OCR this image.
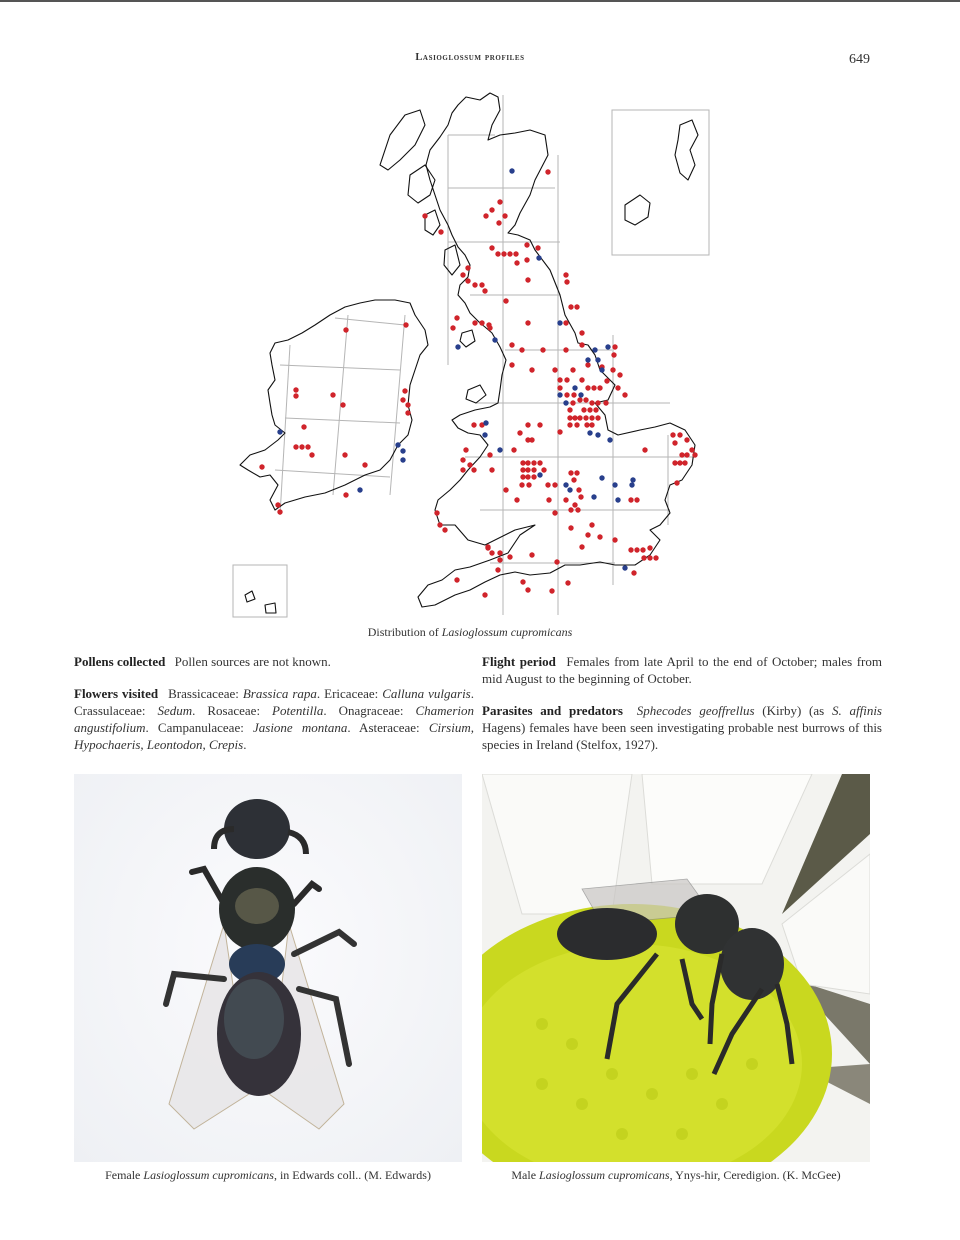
Lasioglossum profiles	649
Distribution of Lasioglossum cupromicans

Pollens collected Pollen sources are not known.

Flowers visited Brassicaceae: Brassica rapa. Ericaceae: Calluna vulgaris. Crassulaceae: Sedum. Rosaceae: Potentilla. Onagraceae: Chamerion angustifolium. Campanulaceae: Jasione montana. Asteraceae: Cirsium, Hypochaeris, Leontodon, Crepis.

Flight period Females from late April to the end of October; males from mid August to the beginning of October.

Parasites and predators Sphecodes geoffrellus (Kirby) (as S. affinis Hagens) females have been seen investigating probable nest burrows of this species in Ireland (Stelfox, 1927).

Female Lasioglossum cupromicans, in Edwards coll.. (M. Edwards)	Male Lasioglossum cupromicans, Ynys-hir, Ceredigion. (K. McGee)
